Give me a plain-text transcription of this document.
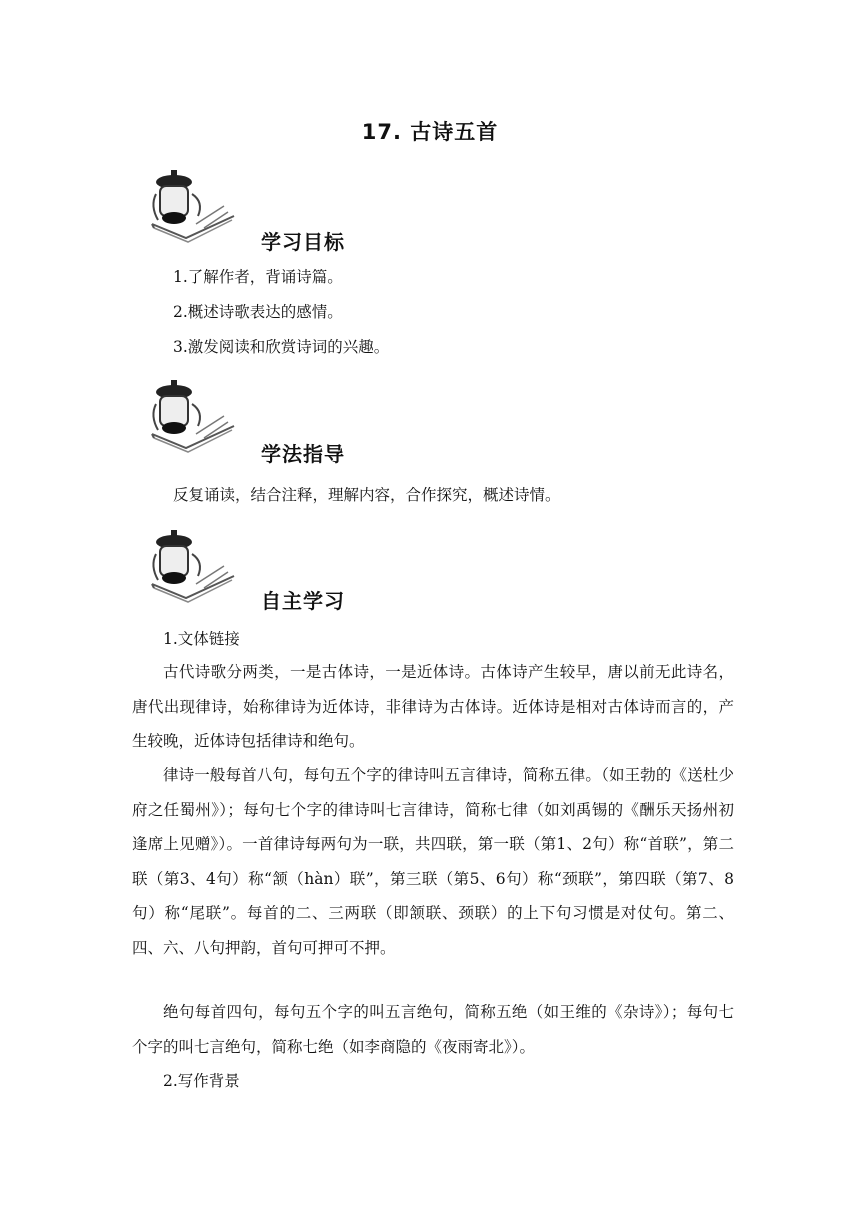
17. 古诗五首
学习目标
1.了解作者，背诵诗篇。
2.概述诗歌表达的感情。
3.激发阅读和欣赏诗词的兴趣。
学法指导
反复诵读，结合注释，理解内容，合作探究，概述诗情。
自主学习
1.文体链接
古代诗歌分两类，一是古体诗，一是近体诗。古体诗产生较早，唐以前无此诗名，唐代出现律诗，始称律诗为近体诗，非律诗为古体诗。近体诗是相对古体诗而言的，产生较晚，近体诗包括律诗和绝句。
律诗一般每首八句，每句五个字的律诗叫五言律诗，简称五律。（如王勃的《送杜少府之任蜀州》）；每句七个字的律诗叫七言律诗，简称七律（如刘禹锡的《酬乐天扬州初逢席上见赠》）。一首律诗每两句为一联，共四联，第一联（第1、2句）称“首联”，第二联（第3、4句）称“颔（hàn）联”，第三联（第5、6句）称“颈联”，第四联（第7、8句）称“尾联”。每首的二、三两联（即颔联、颈联）的上下句习惯是对仗句。第二、四、六、八句押韵，首句可押可不押。
绝句每首四句，每句五个字的叫五言绝句，简称五绝（如王维的《杂诗》）；每句七个字的叫七言绝句，简称七绝（如李商隐的《夜雨寄北》）。
2.写作背景
